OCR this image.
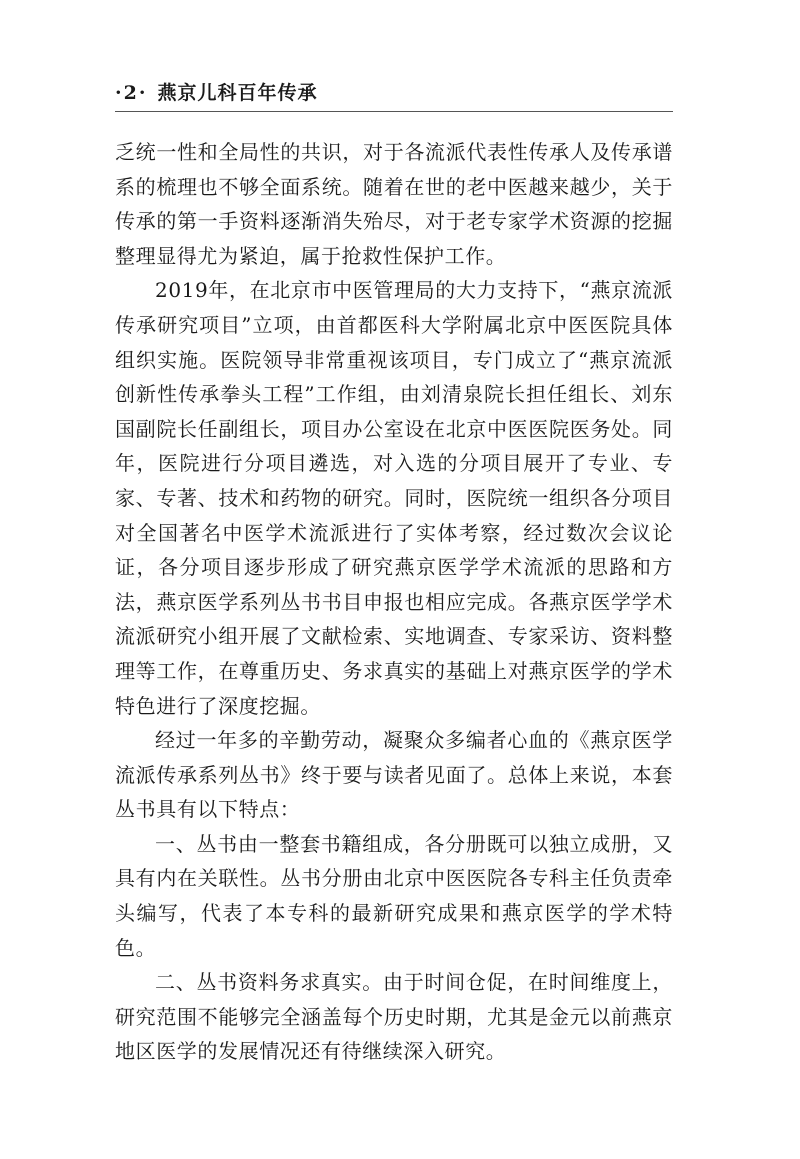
·2· 燕京儿科百年传承

乏统一性和全局性的共识，对于各流派代表性传承人及传承谱系的梳理也不够全面系统。随着在世的老中医越来越少，关于传承的第一手资料逐渐消失殆尽，对于老专家学术资源的挖掘整理显得尤为紧迫，属于抢救性保护工作。

2019年，在北京市中医管理局的大力支持下，“燕京流派传承研究项目”立项，由首都医科大学附属北京中医医院具体组织实施。医院领导非常重视该项目，专门成立了“燕京流派创新性传承拳头工程”工作组，由刘清泉院长担任组长、刘东国副院长任副组长，项目办公室设在北京中医医院医务处。同年，医院进行分项目遴选，对入选的分项目展开了专业、专家、专著、技术和药物的研究。同时，医院统一组织各分项目对全国著名中医学术流派进行了实体考察，经过数次会议论证，各分项目逐步形成了研究燕京医学学术流派的思路和方法，燕京医学系列丛书书目申报也相应完成。各燕京医学学术流派研究小组开展了文献检索、实地调查、专家采访、资料整理等工作，在尊重历史、务求真实的基础上对燕京医学的学术特色进行了深度挖掘。

经过一年多的辛勤劳动，凝聚众多编者心血的《燕京医学流派传承系列丛书》终于要与读者见面了。总体上来说，本套丛书具有以下特点：

一、丛书由一整套书籍组成，各分册既可以独立成册，又具有内在关联性。丛书分册由北京中医医院各专科主任负责牵头编写，代表了本专科的最新研究成果和燕京医学的学术特色。

二、丛书资料务求真实。由于时间仓促，在时间维度上，研究范围不能够完全涵盖每个历史时期，尤其是金元以前燕京地区医学的发展情况还有待继续深入研究。
